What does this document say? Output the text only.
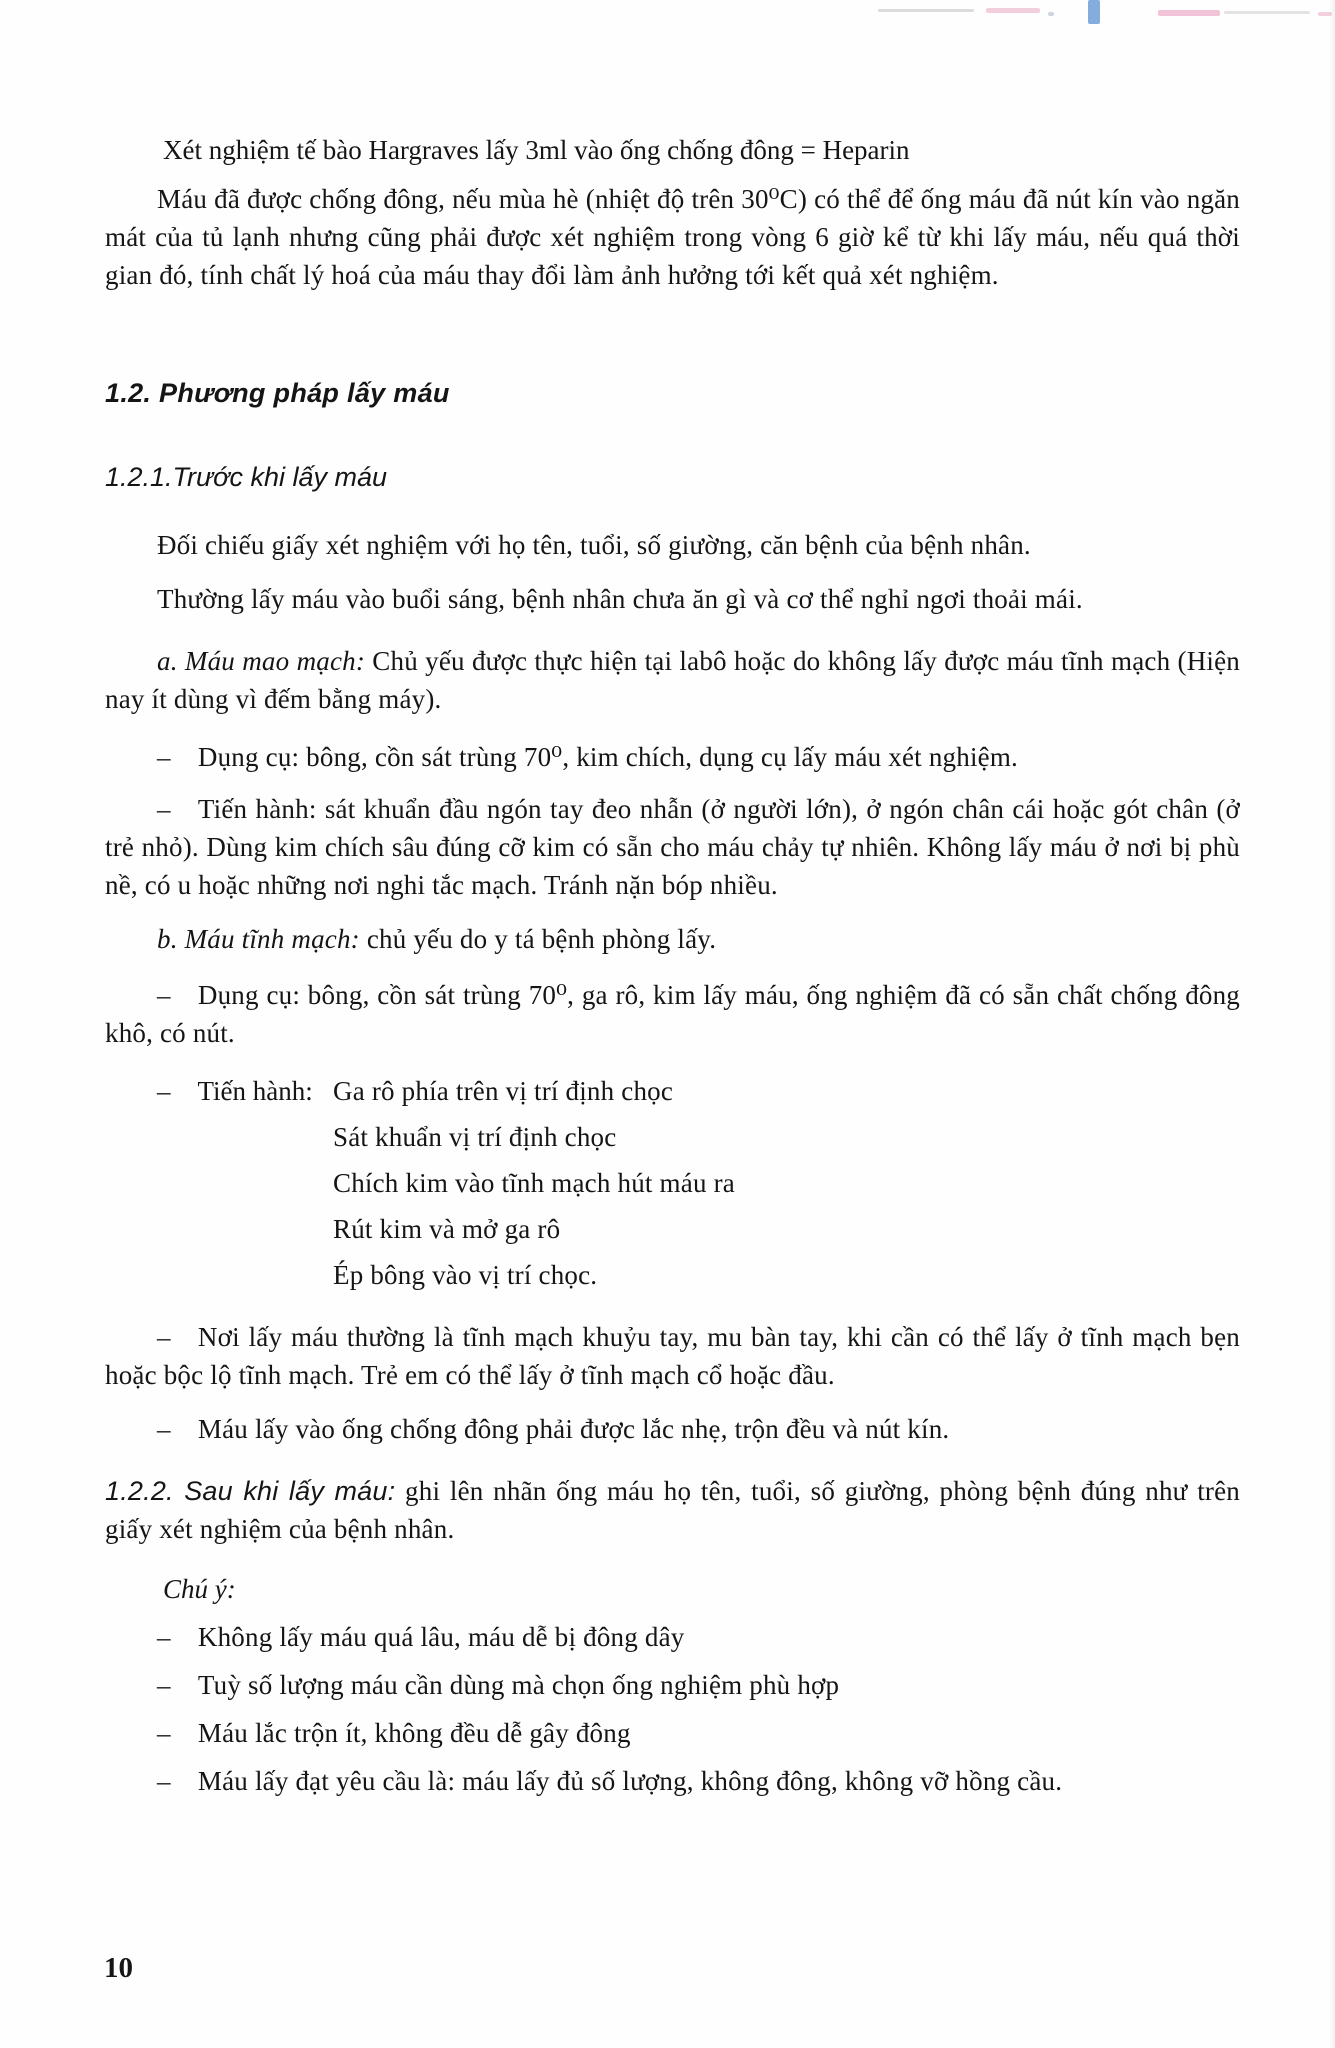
Xét nghiệm tế bào Hargraves lấy 3ml vào ống chống đông = Heparin

Máu đã được chống đông, nếu mùa hè (nhiệt độ trên 30⁰C) có thể để ống máu đã nút kín vào ngăn mát của tủ lạnh nhưng cũng phải được xét nghiệm trong vòng 6 giờ kể từ khi lấy máu, nếu quá thời gian đó, tính chất lý hoá của máu thay đổi làm ảnh hưởng tới kết quả xét nghiệm.

1.2. Phương pháp lấy máu

1.2.1.Trước khi lấy máu

Đối chiếu giấy xét nghiệm với họ tên, tuổi, số giường, căn bệnh của bệnh nhân.

Thường lấy máu vào buổi sáng, bệnh nhân chưa ăn gì và cơ thể nghỉ ngơi thoải mái.

a. Máu mao mạch: Chủ yếu được thực hiện tại labô hoặc do không lấy được máu tĩnh mạch (Hiện nay ít dùng vì đếm bằng máy).

– Dụng cụ: bông, cồn sát trùng 70⁰, kim chích, dụng cụ lấy máu xét nghiệm.

– Tiến hành: sát khuẩn đầu ngón tay đeo nhẫn (ở người lớn), ở ngón chân cái hoặc gót chân (ở trẻ nhỏ). Dùng kim chích sâu đúng cỡ kim có sẵn cho máu chảy tự nhiên. Không lấy máu ở nơi bị phù nề, có u hoặc những nơi nghi tắc mạch. Tránh nặn bóp nhiều.

b. Máu tĩnh mạch: chủ yếu do y tá bệnh phòng lấy.

– Dụng cụ: bông, cồn sát trùng 70⁰, ga rô, kim lấy máu, ống nghiệm đã có sẵn chất chống đông khô, có nút.

– Tiến hành: Ga rô phía trên vị trí định chọc

Sát khuẩn vị trí định chọc

Chích kim vào tĩnh mạch hút máu ra

Rút kim và mở ga rô

Ép bông vào vị trí chọc.

– Nơi lấy máu thường là tĩnh mạch khuỷu tay, mu bàn tay, khi cần có thể lấy ở tĩnh mạch bẹn hoặc bộc lộ tĩnh mạch. Trẻ em có thể lấy ở tĩnh mạch cổ hoặc đầu.

– Máu lấy vào ống chống đông phải được lắc nhẹ, trộn đều và nút kín.

1.2.2. Sau khi lấy máu: ghi lên nhãn ống máu họ tên, tuổi, số giường, phòng bệnh đúng như trên giấy xét nghiệm của bệnh nhân.

Chú ý:

– Không lấy máu quá lâu, máu dễ bị đông dây

– Tuỳ số lượng máu cần dùng mà chọn ống nghiệm phù hợp

– Máu lắc trộn ít, không đều dễ gây đông

– Máu lấy đạt yêu cầu là: máu lấy đủ số lượng, không đông, không vỡ hồng cầu.

10
